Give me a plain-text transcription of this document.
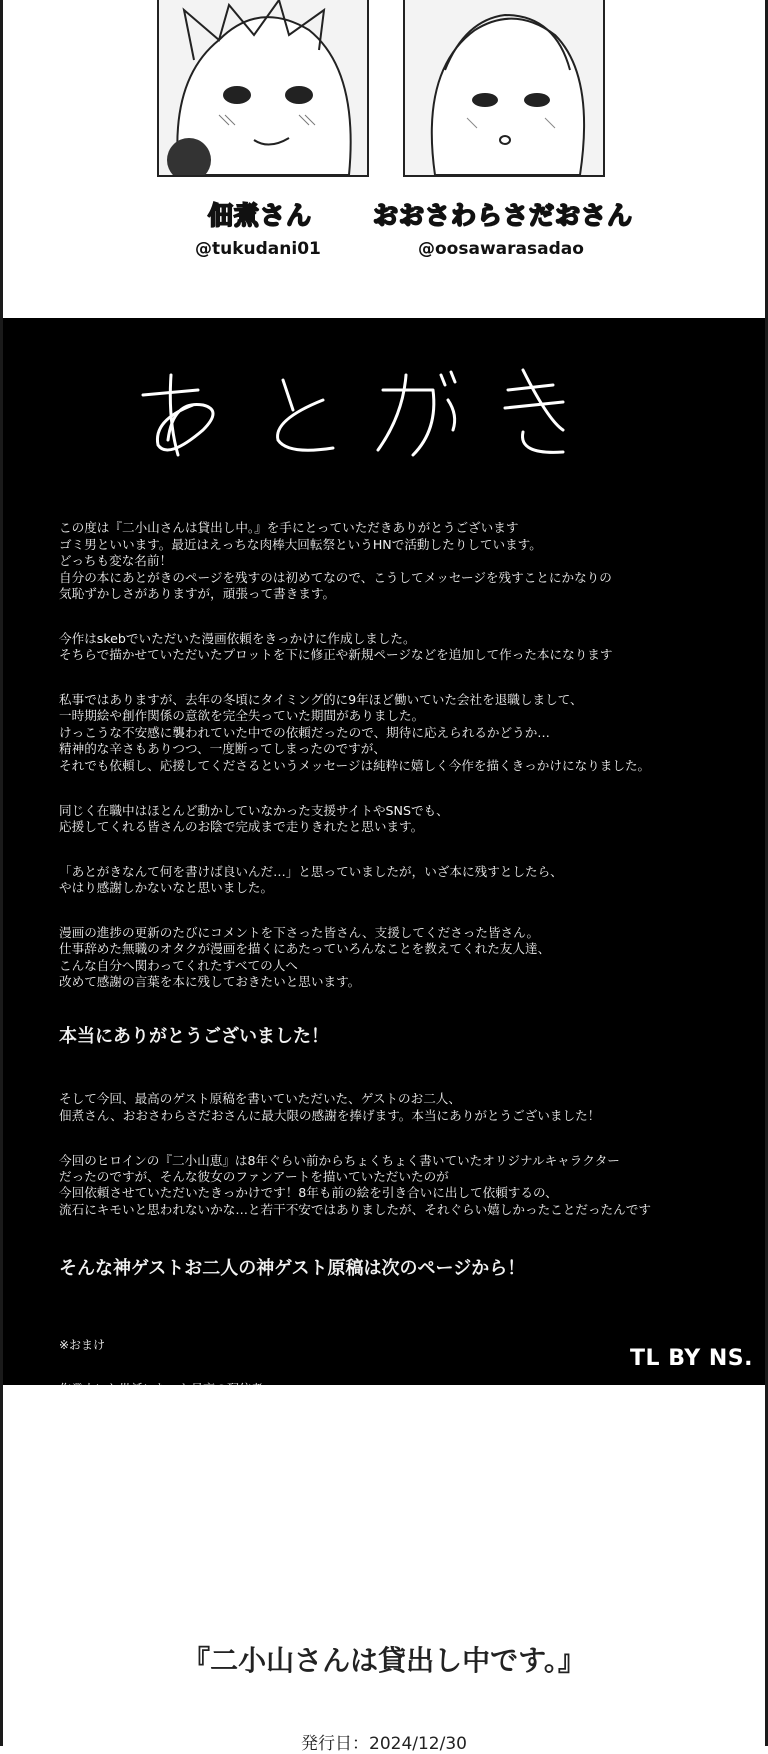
佃煮さん おおさわらさだおさん
@tukudani01	@oosawarasadao

この度は『二小山さんは貸出し中。』を手にとっていただきありがとうございます
ゴミ男といいます。最近はえっちな肉棒大回転祭というHNで活動したりしています。
どっちも変な名前！
自分の本にあとがきのページを残すのは初めてなので、こうしてメッセージを残すことにかなりの
気恥ずかしさがありますが，頑張って書きます。

今作はskebでいただいた漫画依頼をきっかけに作成しました。
そちらで描かせていただいたプロットを下に修正や新規ページなどを追加して作った本になります

私事ではありますが、去年の冬頃にタイミング的に9年ほど働いていた会社を退職しまして、
一時期絵や創作関係の意欲を完全失っていた期間がありました。
けっこうな不安感に襲われていた中での依頼だったので、期待に応えられるかどうか…
精神的な辛さもありつつ、一度断ってしまったのですが、
それでも依頼し、応援してくださるというメッセージは純粋に嬉しく今作を描くきっかけになりました。

同じく在職中はほとんど動かしていなかった支援サイトやSNSでも、
応援してくれる皆さんのお陰で完成まで走りきれたと思います。

「あとがきなんて何を書けば良いんだ…」と思っていましたが，いざ本に残すとしたら、
やはり感謝しかないなと思いました。

漫画の進捗の更新のたびにコメントを下さった皆さん、支援してくださった皆さん。
仕事辞めた無職のオタクが漫画を描くにあたっていろんなことを教えてくれた友人達、
こんな自分へ関わってくれたすべての人へ
改めて感謝の言葉を本に残しておきたいと思います。

本当にありがとうございました！

そして今回、最高のゲスト原稿を書いていただいた、ゲストのお二人、
佃煮さん、おおさわらさだおさんに最大限の感謝を捧げます。本当にありがとうございました！

今回のヒロインの『二小山恵』は8年ぐらい前からちょくちょく書いていたオリジナルキャラクター
だったのですが、そんな彼女のファンアートを描いていただいたのが
今回依頼させていただいたきっかけです！8年も前の絵を引き合いに出して依頼するの、
流石にキモいと思われないかな…と若干不安ではありましたが、それぐらい嬉しかったことだったんです

そんな神ゲストお二人の神ゲスト原稿は次のページから！

※おまけ

TL BY NS.
『二小山さんは貸出し中です。』
発行日：2024/12/30
